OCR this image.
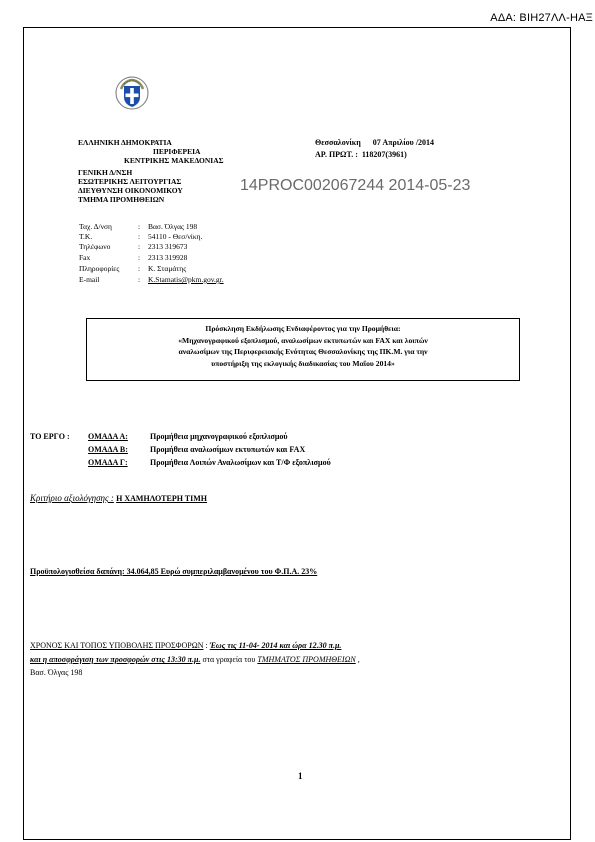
ΑΔΑ: ΒΙΗ27ΛΛ-ΗΑΞ
ΕΛΛΗΝΙΚΗ ΔΗΜΟΚΡΑΤΙΑ
ΠΕΡΙΦΕΡΕΙΑ
ΚΕΝΤΡΙΚΗΣ ΜΑΚΕΔΟΝΙΑΣ
ΓΕΝΙΚΗ Δ/ΝΣΗ
ΕΣΩΤΕΡΙΚΗΣ ΛΕΙΤΟΥΡΓΙΑΣ
ΔΙΕΥΘΥΝΣΗ ΟΙΚΟΝΟΜΙΚΟΥ
ΤΜΗΜΑ ΠΡΟΜΗΘΕΙΩΝ
Θεσσαλονίκη 07 Απριλίου /2014
ΑΡ. ΠΡΩΤ. : 118207(3961)
14PROC002067244 2014-05-23
Ταχ. Δ/νση	: Βασ. Όλγας 198
Τ.Κ.	: 54110 - Θεσ/νίκη.
Τηλέφωνο	: 2313 319673
Fax	: 2313 319928
Πληροφορίες : Κ. Σταμάτης
E-mail	: K.Stamatis@pkm.gov.gr.
Πρόσκληση Εκδήλωσης Ενδιαφέροντος για την Προμήθεια:
«Μηχανογραφικού εξοπλισμού, αναλωσίμων εκτυπωτών και FAX και λοιπών
αναλωσίμων της Περιφερειακής Ενότητας Θεσσαλονίκης της ΠΚ.Μ. για την
υποστήριξη της εκλογικής διαδικασίας του Μαΐου 2014»
ΤΟ ΕΡΓΟ : ΟΜΑΔΑ Α:	Προμήθεια μηχανογραφικού εξοπλισμού
ΟΜΑΔΑ Β:	Προμήθεια αναλωσίμων εκτυπωτών και FAX
ΟΜΑΔΑ Γ:	Προμήθεια Λοιπών Αναλωσίμων και Τ/Φ εξοπλισμού
Κριτήριο αξιολόγησης : Η ΧΑΜΗΛΟΤΕΡΗ ΤΙΜΗ
Προϋπολογισθείσα δαπάνη: 34.064,85 Ευρώ συμπεριλαμβανομένου του Φ.Π.Α. 23%
ΧΡΟΝΟΣ ΚΑΙ ΤΟΠΟΣ ΥΠΟΒΟΛΗΣ ΠΡΟΣΦΟΡΩΝ : Έως τις 11-04- 2014 και ώρα 12.30 π.μ.
και η αποσφράγιση των προσφορών στις 13:30 π.μ. στα γραφεία του ΤΜΗΜΑΤΟΣ ΠΡΟΜΗΘΕΙΩΝ ,
Βασ. Όλγας 198
1
